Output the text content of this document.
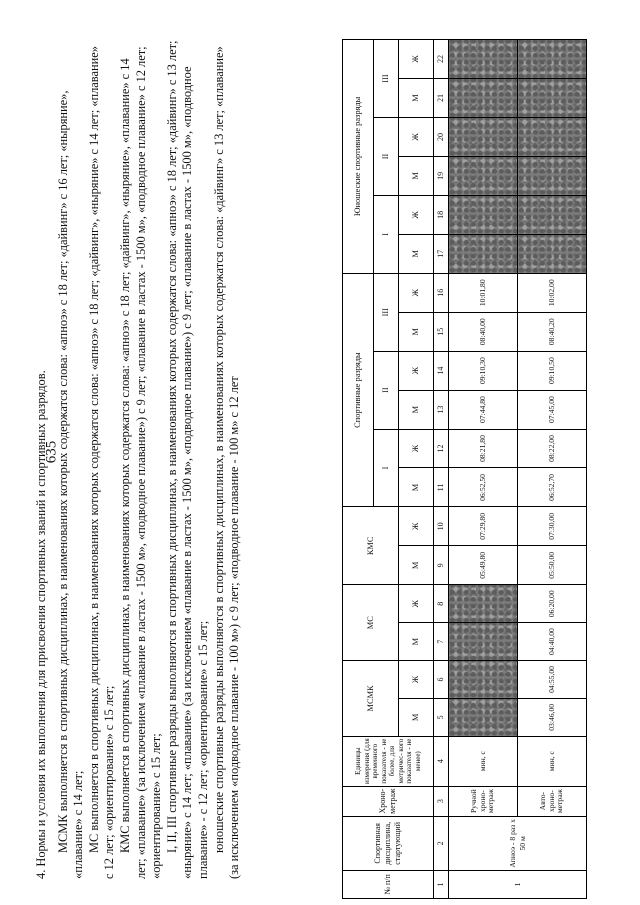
635

4. Нормы и условия их выполнения для присвоения спортивных званий и спортивных разрядов. МСМК выполняется в спортивных дисциплинах, в наименованиях которых содержатся слова: «апноэ» с 18 лет; «дайвинг» с 16 лет; «ныряние», «плавание» с 14 лет; МС выполняется в спортивных дисциплинах, в наименованиях которых содержатся слова: «апноэ» с 18 лет; «дайвинг», «ныряние» с 14 лет; «плавание» с 12 лет; «ориентирование» с 15 лет; КМС выполняется в спортивных дисциплинах, в наименованиях которых содержатся слова: «апноэ» с 18 лет; «дайвинг», «ныряние», «плавание» с 14 лет; «плавание» (за исключением «плавание в ластах - 1500 м», «подводное плавание») с 9 лет; «плавание в ластах - 1500 м», «подводное плавание» с 12 лет; «ориентирование» с 15 лет; I, II, III спортивные разряды выполняются в спортивных дисциплинах, в наименованиях которых содержатся слова: «апноэ» с 18 лет; «дайвинг» с 13 лет; «ныряние» с 14 лет; «плавание» (за исключением «плавание в ластах - 1500 м», «подводное плавание») с 9 лет; «плавание в ластах - 1500 м», «подводное плавание» - с 12 лет; «ориентирование» с 15 лет; юношеские спортивные разряды выполняются в спортивных дисциплинах, в наименованиях которых содержатся слова: «дайвинг» с 13 лет; «плавание» (за исключением «подводное плавание - 100 м») с 9 лет; «подводное плавание - 100 м» с 12 лет

№ п/п	Спортивная дисциплина, стартующий	Хроно- метраж	Единицы измерения (для временного показателя - не более, для метричес- кого показателя - не менее)	МСМК		МС		КМС		Спортивные разряды						Юношеские спортивные разряды					
										I		II		III		I		II		III	
				М	Ж	М	Ж	М	Ж	М	Ж	М	Ж	М	Ж	М	Ж	М	Ж	М	Ж
1	2	3	4	5	6	7	8	9	10	11	12	13	14	15	16	17	18	19	20	21	22
1	Апноэ - 8 раз x 50 м	Ручной хроно- метраж	мин, с					05:49,80	07:29,80	06:52,50	08:21,80	07:44,80	09:10,30	08:40,00	10:01,80						
		Авто- хроно- метраж	мин, с	03:46,00	04:55,00	04:40,00	06:20,00	05:50,00	07:30,00	06:52,70	08:22,00	07:45,00	09:10,50	08:40,20	10:02,00						
